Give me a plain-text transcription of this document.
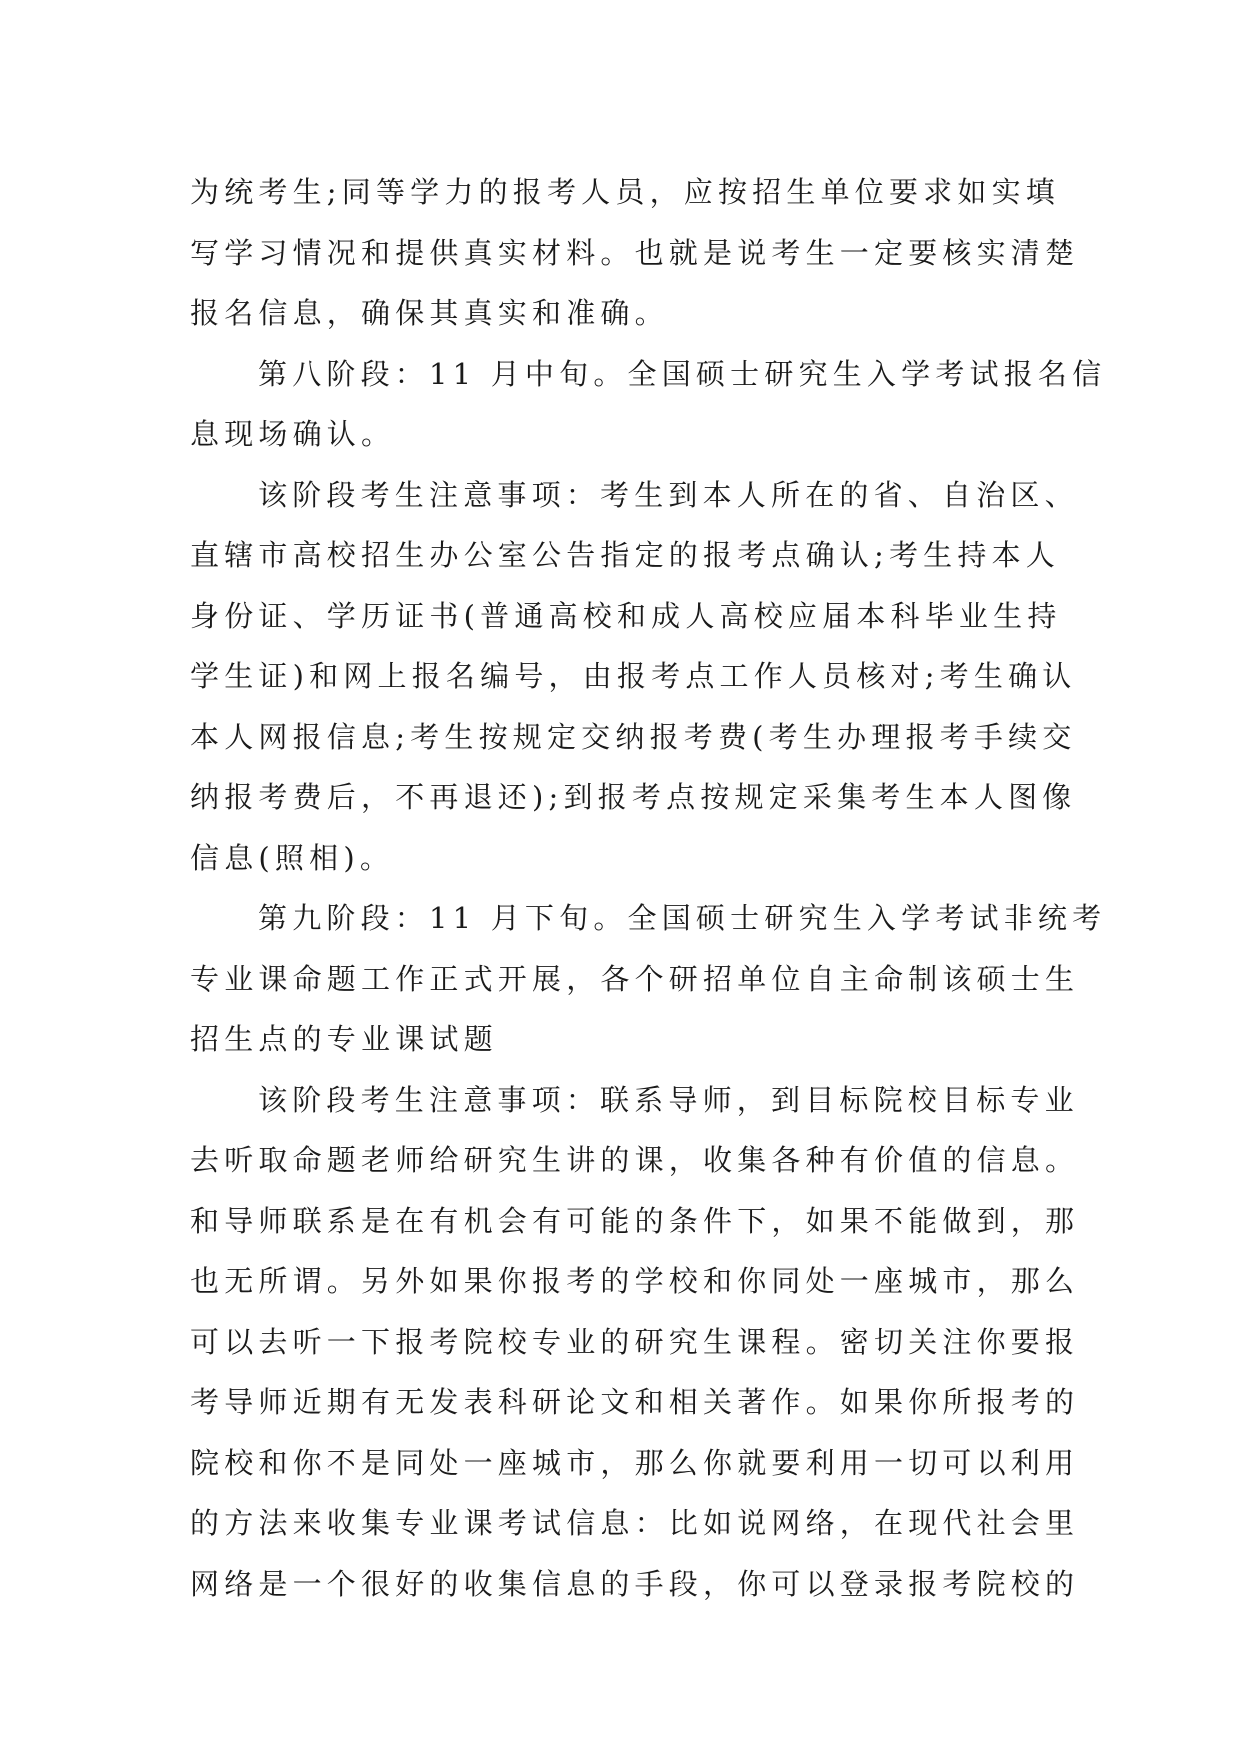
为统考生;同等学力的报考人员，应按招生单位要求如实填
写学习情况和提供真实材料。也就是说考生一定要核实清楚
报名信息，确保其真实和准确。

第八阶段：11 月中旬。全国硕士研究生入学考试报名信
息现场确认。

该阶段考生注意事项：考生到本人所在的省、自治区、
直辖市高校招生办公室公告指定的报考点确认;考生持本人
身份证、学历证书(普通高校和成人高校应届本科毕业生持
学生证)和网上报名编号，由报考点工作人员核对;考生确认
本人网报信息;考生按规定交纳报考费(考生办理报考手续交
纳报考费后，不再退还);到报考点按规定采集考生本人图像
信息(照相)。

第九阶段：11 月下旬。全国硕士研究生入学考试非统考
专业课命题工作正式开展，各个研招单位自主命制该硕士生
招生点的专业课试题

该阶段考生注意事项：联系导师，到目标院校目标专业
去听取命题老师给研究生讲的课，收集各种有价值的信息。
和导师联系是在有机会有可能的条件下，如果不能做到，那
也无所谓。另外如果你报考的学校和你同处一座城市，那么
可以去听一下报考院校专业的研究生课程。密切关注你要报
考导师近期有无发表科研论文和相关著作。如果你所报考的
院校和你不是同处一座城市，那么你就要利用一切可以利用
的方法来收集专业课考试信息：比如说网络，在现代社会里
网络是一个很好的收集信息的手段，你可以登录报考院校的
